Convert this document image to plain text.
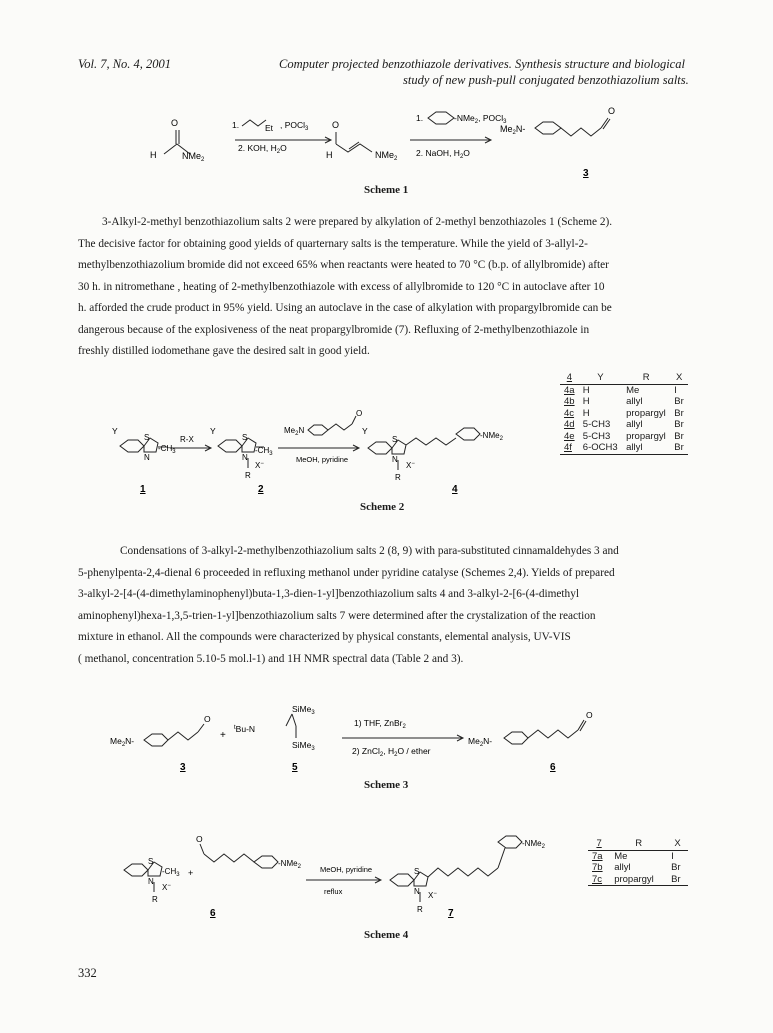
Vol. 7, No. 4, 2001	Computer projected benzothiazole derivatives. Synthesis structure and biological
study of new push-pull conjugated benzothiazolium salts.
O
H	NMe$_2$
1.	Et , POCl$_3$
2. KOH, $H_2O$
O
H	NMe$_2$
1.	-NMe$_2$, POCl$_3$
2. NaOH, $H_2O$
$Me_2N-$
O
3
Scheme 1
3-Alkyl-2-methyl benzothiazolium salts 2 were prepared by alkylation of 2-methyl benzothiazoles 1 (Scheme 2).
The decisive factor for obtaining good yields of quarternary salts is the temperature. While the yield of 3-allyl-2-
methylbenzothiazolium bromide did not exceed 65% when reactants were heated to 70 °C (b.p. of allylbromide) after
30 h. in nitromethane , heating of 2-methylbenzothiazole with excess of allylbromide to 120 °C in autoclave after 10
h. afforded the crude product in 95% yield. Using an autoclave in the case of alkylation with propargylbromide can be
dangerous because of the explosiveness of the neat propargylbromide (7). Refluxing of 2-methylbenzothiazole in
freshly distilled iodomethane gave the desired salt in good yield.
4	Y	R	X
4a	H	Me	I
4b	H	allyl	Br
4c	H	propargyl	Br
4d	5-CH3	allyl	Br
4e	5-CH3	propargyl	Br
4f	6-OCH3	allyl	Br
Y
S
N
$-CH_3$
R-X
Y
S
N
$-CH_3$
X−
R
$Me_2N$
O
MeOH, pyridine
Y
S
N
X−
R
-NMe$_2$
1	2	4
Scheme 2
Condensations of 3-alkyl-2-methylbenzothiazolium salts 2 (8, 9) with para-substituted cinnamaldehydes 3 and
5-phenylpenta-2,4-dienal 6 proceeded in refluxing methanol under pyridine catalyse (Schemes 2,4). Yields of prepared
3-alkyl-2-[4-(4-dimethylaminophenyl)buta-1,3-dien-1-yl]benzothiazolium salts 4 and 3-alkyl-2-[6-(4-dimethyl
aminophenyl)hexa-1,3,5-trien-1-yl]benzothiazolium salts 7 were determined after the crystalization of the reaction
mixture in ethanol. All the compounds were characterized by physical constants, elemental analysis, UV-VIS
( methanol, concentration 5.10-5 mol.l-1) and 1H NMR spectral data (Table 2 and 3).
$Me_2N-$
O
+
$^t$Bu-N
SiMe$_3$
SiMe$_3$
1) THF, ZnBr$_2$
2) ZnCl$_2$, $H_2O$ / ether
$Me_2N-$
O
3	5	6
Scheme 3
S
N
$-CH_3$ +
X−
R
O
-NMe$_2$	MeOH, pyridine
reflux
S
N X−
R
-NMe$_2$
6	7
7	R	X
7a	Me	I
7b	allyl	Br
7c	propargyl	Br
Scheme 4
332
